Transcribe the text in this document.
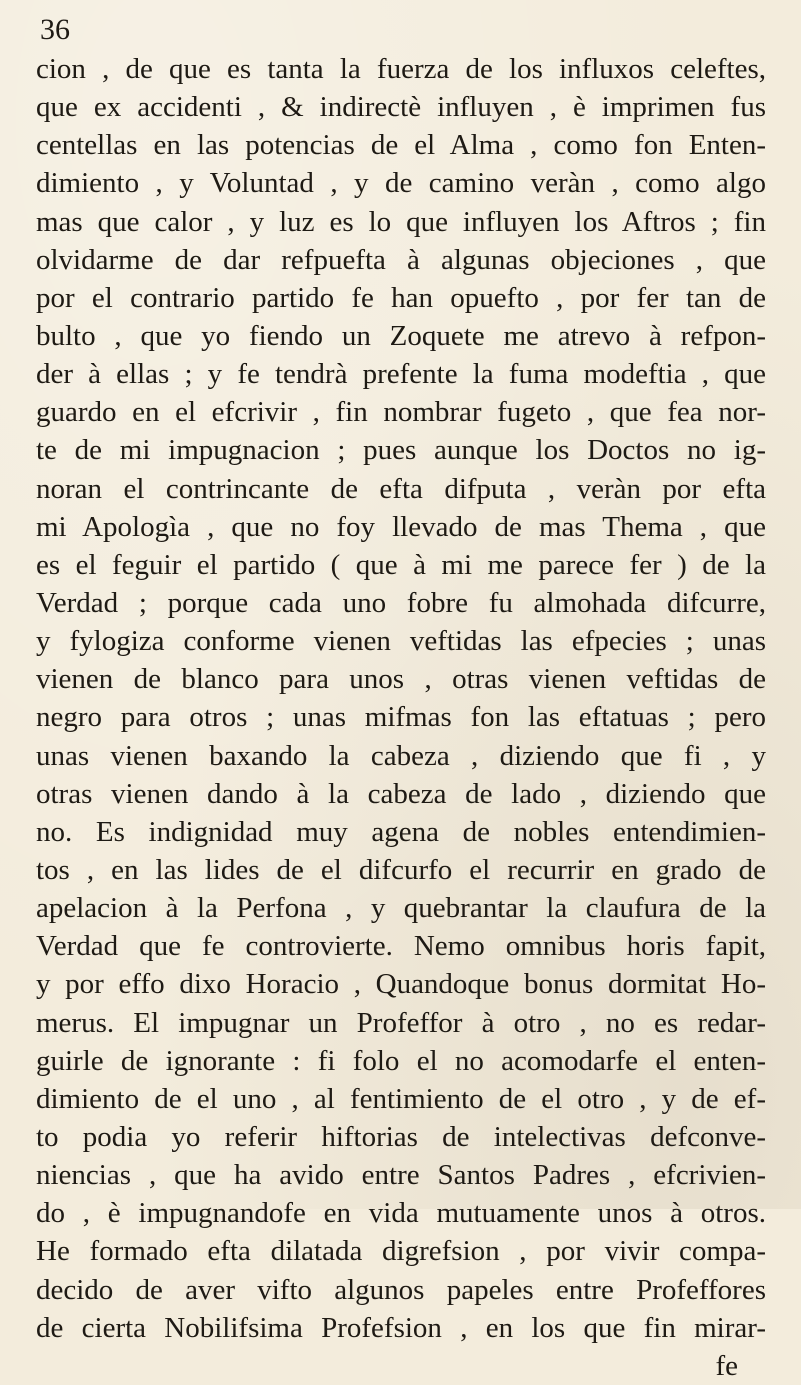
36
cion , de que es tanta la fuerza de los influxos celeftes,
que ex accidenti , & indirectè influyen , è imprimen fus
centellas en las potencias de el Alma , como fon Enten-
dimiento , y Voluntad , y de camino veràn , como algo
mas que calor , y luz es lo que influyen los Aftros ; fin
olvidarme de dar refpuefta à algunas objeciones , que
por el contrario partido fe han opuefto , por fer tan de
bulto , que yo fiendo un Zoquete me atrevo à refpon-
der à ellas ; y fe tendrà prefente la fuma modeftia , que
guardo en el efcrivir , fin nombrar fugeto , que fea nor-
te de mi impugnacion ; pues aunque los Doctos no ig-
noran el contrincante de efta difputa , veràn por efta
mi Apologìa , que no foy llevado de mas Thema , que
es el feguir el partido ( que à mi me parece fer ) de la
Verdad ; porque cada uno fobre fu almohada difcurre,
y fylogiza conforme vienen veftidas las efpecies ; unas
vienen de blanco para unos , otras vienen veftidas de
negro para otros ; unas mifmas fon las eftatuas ; pero
unas vienen baxando la cabeza , diziendo que fi , y
otras vienen dando à la cabeza de lado , diziendo que
no. Es indignidad muy agena de nobles entendimien-
tos , en las lides de el difcurfo el recurrir en grado de
apelacion à la Perfona , y quebrantar la claufura de la
Verdad que fe controvierte. Nemo omnibus horis fapit,
y por effo dixo Horacio , Quandoque bonus dormitat Ho-
merus. El impugnar un Profeffor à otro , no es redar-
guirle de ignorante : fi folo el no acomodarfe el enten-
dimiento de el uno , al fentimiento de el otro , y de ef-
to podia yo referir hiftorias de intelectivas defconve-
niencias , que ha avido entre Santos Padres , efcrivien-
do , è impugnandofe en vida mutuamente unos à otros.
He formado efta dilatada digrefsion , por vivir compa-
decido de aver vifto algunos papeles entre Profeffores
de cierta Nobilifsima Profefsion , en los que fin mirar-
fe
